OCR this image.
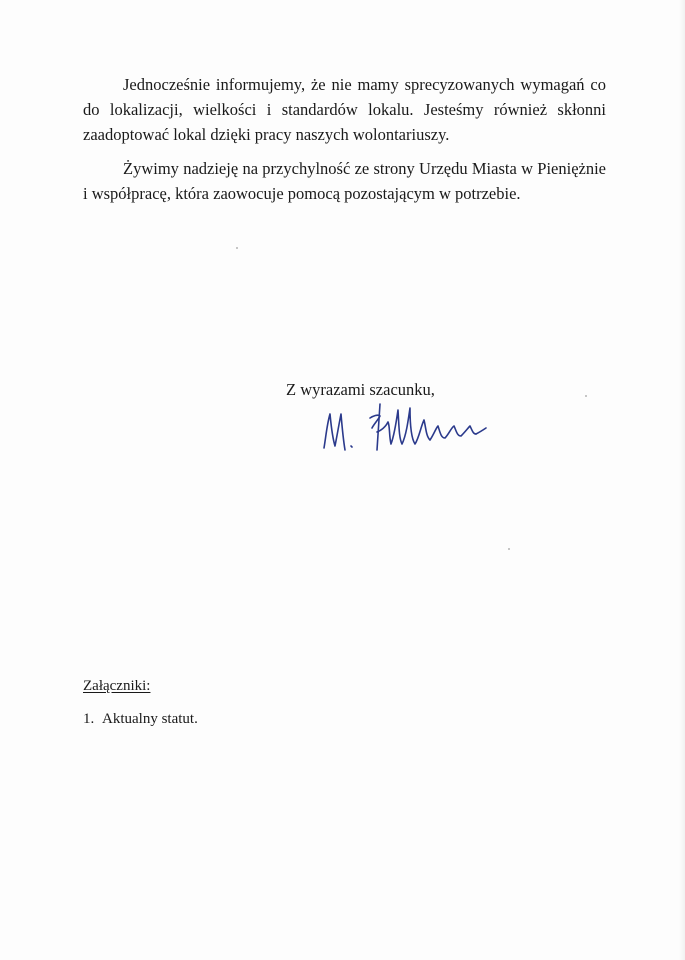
Jednocześnie informujemy, że nie mamy sprecyzowanych wymagań co do lokalizacji, wielkości i standardów lokalu. Jesteśmy również skłonni zaadoptować lokal dzięki pracy naszych wolontariuszy.

Żywimy nadzieję na przychylność ze strony Urzędu Miasta w Pieniężnie i współpracę, która zaowocuje pomocą pozostającym w potrzebie.

Z wyrazami szacunku,
Załączniki:
1. Aktualny statut.
